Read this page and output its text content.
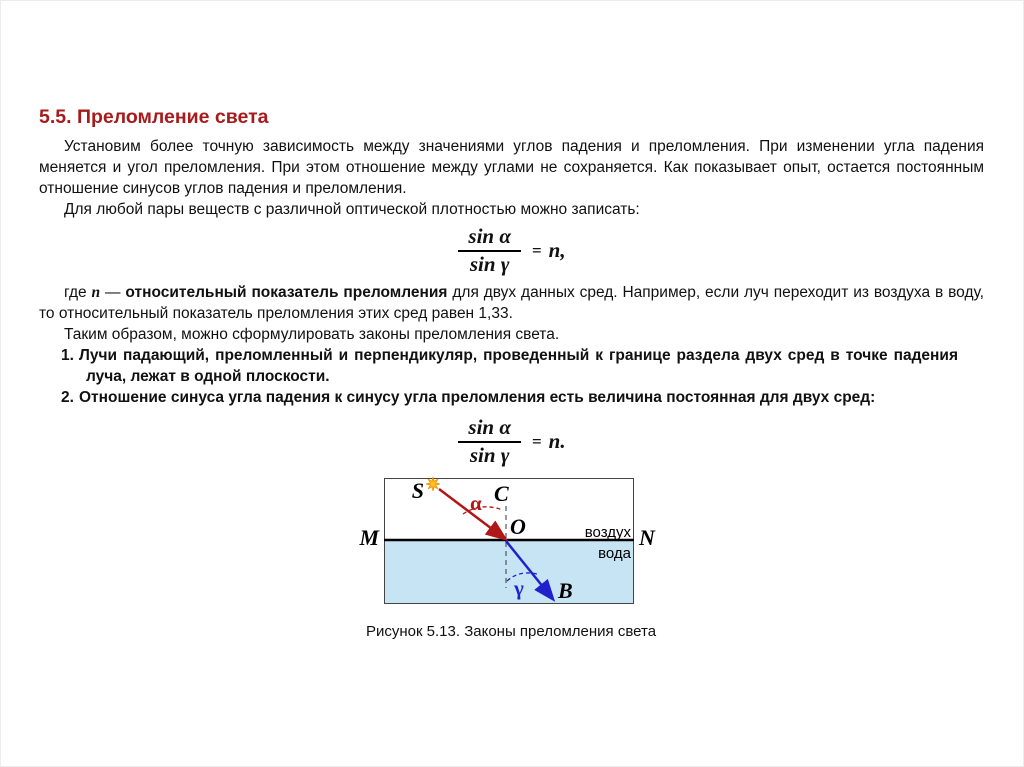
5.5. Преломление света

Установим более точную зависимость между значениями углов падения и преломления. При изменении угла падения меняется и угол преломления. При этом отношение между углами не сохраняется. Как показывает опыт, остается постоянным отношение синусов углов падения и преломления.

Для любой пары веществ с различной оптической плотностью можно записать:

$\frac{\text{sin α}}{\text{sin γ}} = n$,

где n — относительный показатель преломления для двух данных сред. Например, если луч переходит из воздуха в воду, то относительный показатель преломления этих сред равен 1,33.

Таким образом, можно сформулировать законы преломления света.

1. Лучи падающий, преломленный и перпендикуляр, проведенный к границе раздела двух сред в точке падения луча, лежат в одной плоскости.
2. Отношение синуса угла падения к синусу угла преломления есть величина постоянная для двух сред:
$\frac{\text{sin α}}{\text{sin γ}} = n$.
S	C
O
M	N
B
α
γ
воздух
вода
Рисунок 5.13. Законы преломления света
